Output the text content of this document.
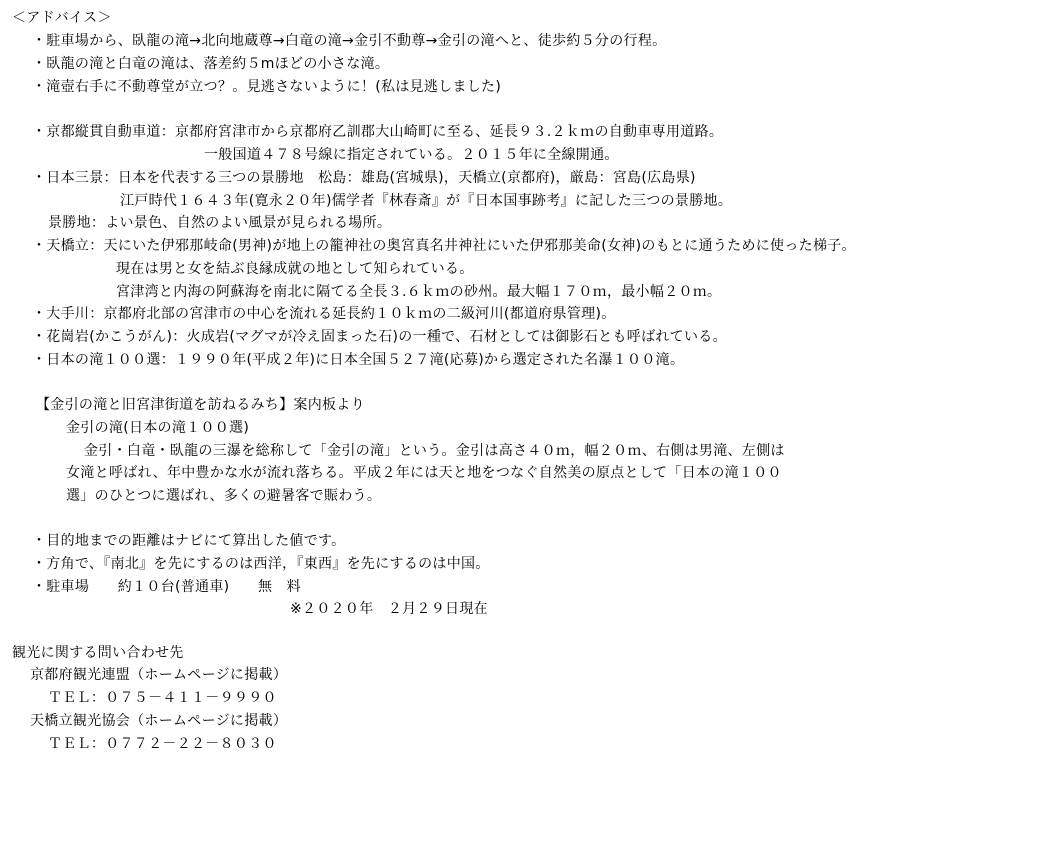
＜アドバイス＞
・駐車場から、臥龍の滝→北向地蔵尊→白竜の滝→金引不動尊→金引の滝へと、徒歩約５分の行程。
・臥龍の滝と白竜の滝は、落差約５mほどの小さな滝。
・滝壺右手に不動尊堂が立つ？。見逃さないように！(私は見逃しました)
・京都縦貫自動車道：京都府宮津市から京都府乙訓郡大山崎町に至る、延長９３.２ｋｍの自動車専用道路。
一般国道４７８号線に指定されている。２０１５年に全線開通。
・日本三景：日本を代表する三つの景勝地　松島：雄島(宮城県)，天橋立(京都府)，厳島：宮島(広島県)
江戸時代１６４３年(寛永２０年)儒学者『林春斎』が『日本国事跡考』に記した三つの景勝地。
景勝地：よい景色、自然のよい風景が見られる場所。
・天橋立：天にいた伊邪那岐命(男神)が地上の籠神社の奥宮真名井神社にいた伊邪那美命(女神)のもとに通うために使った梯子。
現在は男と女を結ぶ良縁成就の地として知られている。
宮津湾と内海の阿蘇海を南北に隔てる全長３.６ｋｍの砂州。最大幅１７０ｍ，最小幅２０ｍ。
・大手川：京都府北部の宮津市の中心を流れる延長約１０ｋｍの二級河川(都道府県管理)。
・花崗岩(かこうがん)：火成岩(マグマが冷え固まった石)の一種で、石材としては御影石とも呼ばれている。
・日本の滝１００選：１９９０年(平成２年)に日本全国５２７滝(応募)から選定された名瀑１００滝。
【金引の滝と旧宮津街道を訪ねるみち】案内板より
金引の滝(日本の滝１００選)
金引・白竜・臥龍の三瀑を総称して「金引の滝」という。金引は高さ４０ｍ，幅２０ｍ、右側は男滝、左側は
女滝と呼ばれ、年中豊かな水が流れ落ちる。平成２年には天と地をつなぐ自然美の原点として「日本の滝１００
選」のひとつに選ばれ、多くの避暑客で賑わう。
・目的地までの距離はナビにて算出した値です。
・方角で、『南北』を先にするのは西洋，『東西』を先にするのは中国。
・駐車場　　約１０台(普通車)　　無　料
※２０２０年　２月２９日現在
観光に関する問い合わせ先
京都府観光連盟（ホームページに掲載）
ＴＥＬ：０７５－４１１－９９９０
天橋立観光協会（ホームページに掲載）
ＴＥＬ：０７７２－２２－８０３０
